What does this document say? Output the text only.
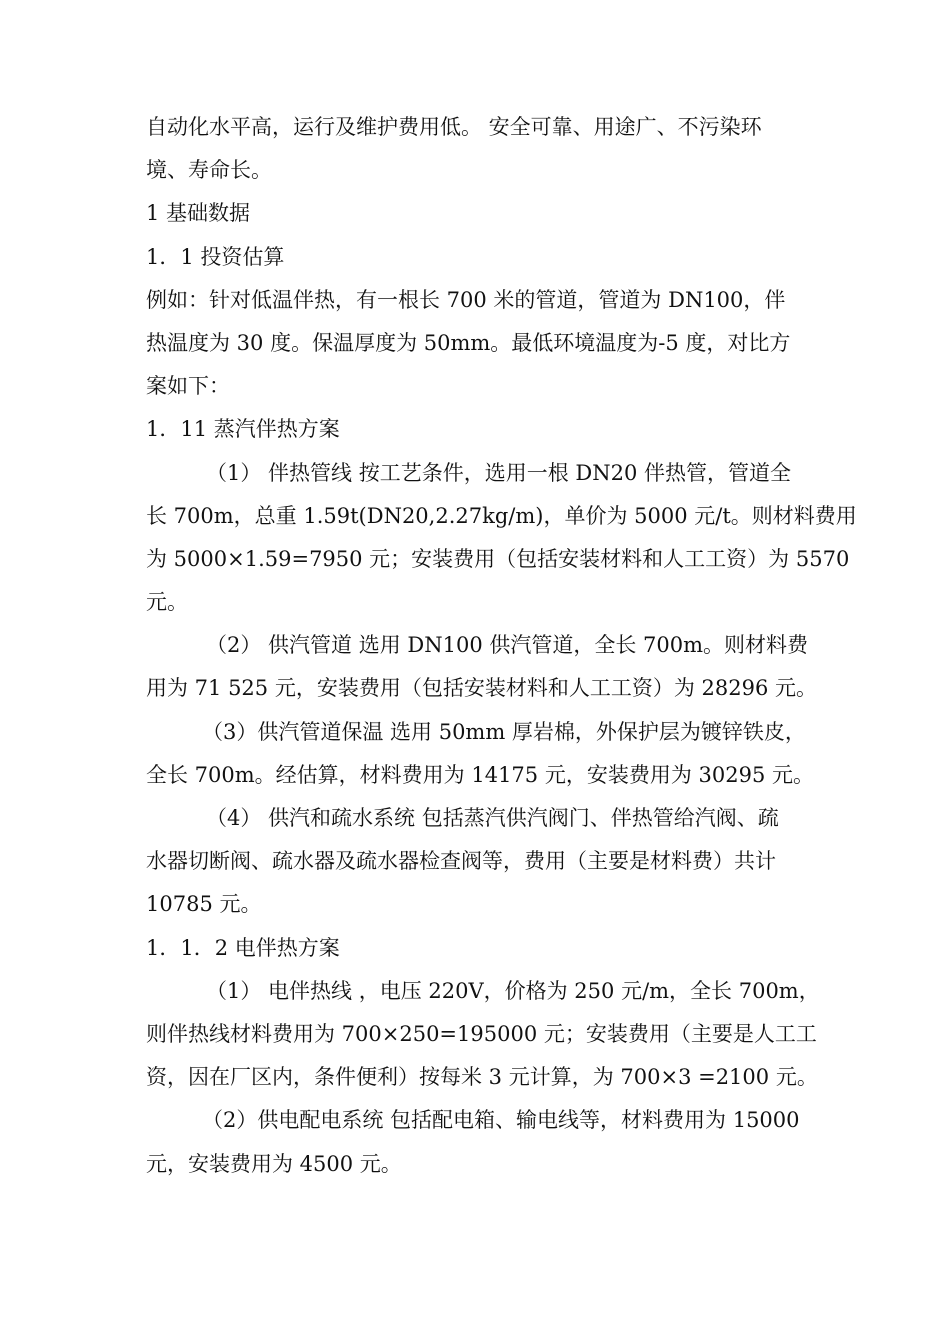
自动化水平高，运行及维护费用低。 安全可靠、用途广、不污染环
境、寿命长。
1 基础数据
1．1 投资估算
例如：针对低温伴热，有一根长 700 米的管道，管道为 DN100，伴
热温度为 30 度。保温厚度为 50mm。最低环境温度为-5 度，对比方
案如下：
1．11 蒸汽伴热方案
（1） 伴热管线 按工艺条件，选用一根 DN20 伴热管，管道全
长 700m，总重 1.59t(DN20,2.27kg/m)，单价为 5000 元/t。则材料费用
为 5000×1.59=7950 元；安装费用（包括安装材料和人工工资）为 5570
元。
（2） 供汽管道 选用 DN100 供汽管道，全长 700m。则材料费
用为 71 525 元，安装费用（包括安装材料和人工工资）为 28296 元。
（3）供汽管道保温 选用 50mm 厚岩棉，外保护层为镀锌铁皮，
全长 700m。经估算，材料费用为 14175 元，安装费用为 30295 元。
（4） 供汽和疏水系统 包括蒸汽供汽阀门、伴热管给汽阀、疏
水器切断阀、疏水器及疏水器检查阀等，费用（主要是材料费）共计
10785 元。
1．1．2 电伴热方案
（1） 电伴热线 ，电压 220V，价格为 250 元/m，全长 700m，
则伴热线材料费用为 700×250=195000 元；安装费用（主要是人工工
资，因在厂区内，条件便利）按每米 3 元计算，为 700×3 =2100 元。
（2）供电配电系统 包括配电箱、输电线等，材料费用为 15000
元，安装费用为 4500 元。
